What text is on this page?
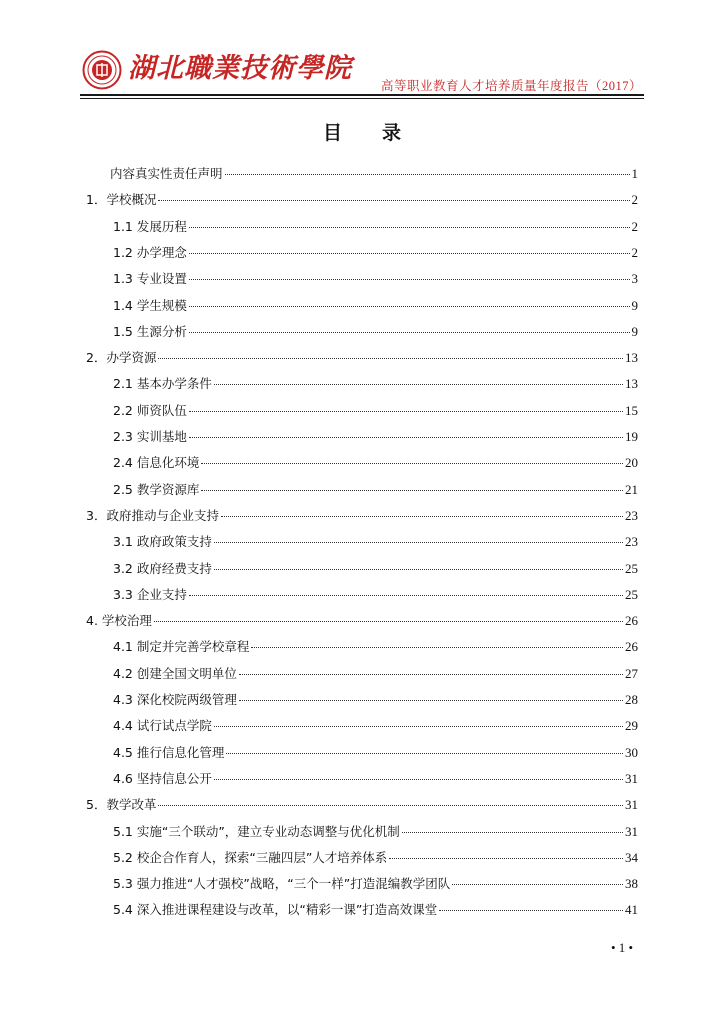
湖北職業技術學院
高等职业教育人才培养质量年度报告（2017）
目 录
内容真实性责任声明	1
1．学校概况	2
1.1 发展历程	2
1.2 办学理念	2
1.3 专业设置	3
1.4 学生规模	9
1.5 生源分析	9
2．办学资源	13
2.1 基本办学条件	13
2.2 师资队伍	15
2.3 实训基地	19
2.4 信息化环境	20
2.5 教学资源库	21
3．政府推动与企业支持	23
3.1 政府政策支持	23
3.2 政府经费支持	25
3.3 企业支持	25
4. 学校治理	26
4.1 制定并完善学校章程	26
4.2 创建全国文明单位	27
4.3 深化校院两级管理	28
4.4 试行试点学院	29
4.5 推行信息化管理	30
4.6 坚持信息公开	31
5．教学改革	31
5.1 实施“三个联动”，建立专业动态调整与优化机制	31
5.2 校企合作育人，探索“三融四层”人才培养体系	34
5.3 强力推进“人才强校”战略，“三个一样”打造混编教学团队	38
5.4 深入推进课程建设与改革，以“精彩一课”打造高效课堂	41
• 1 •
